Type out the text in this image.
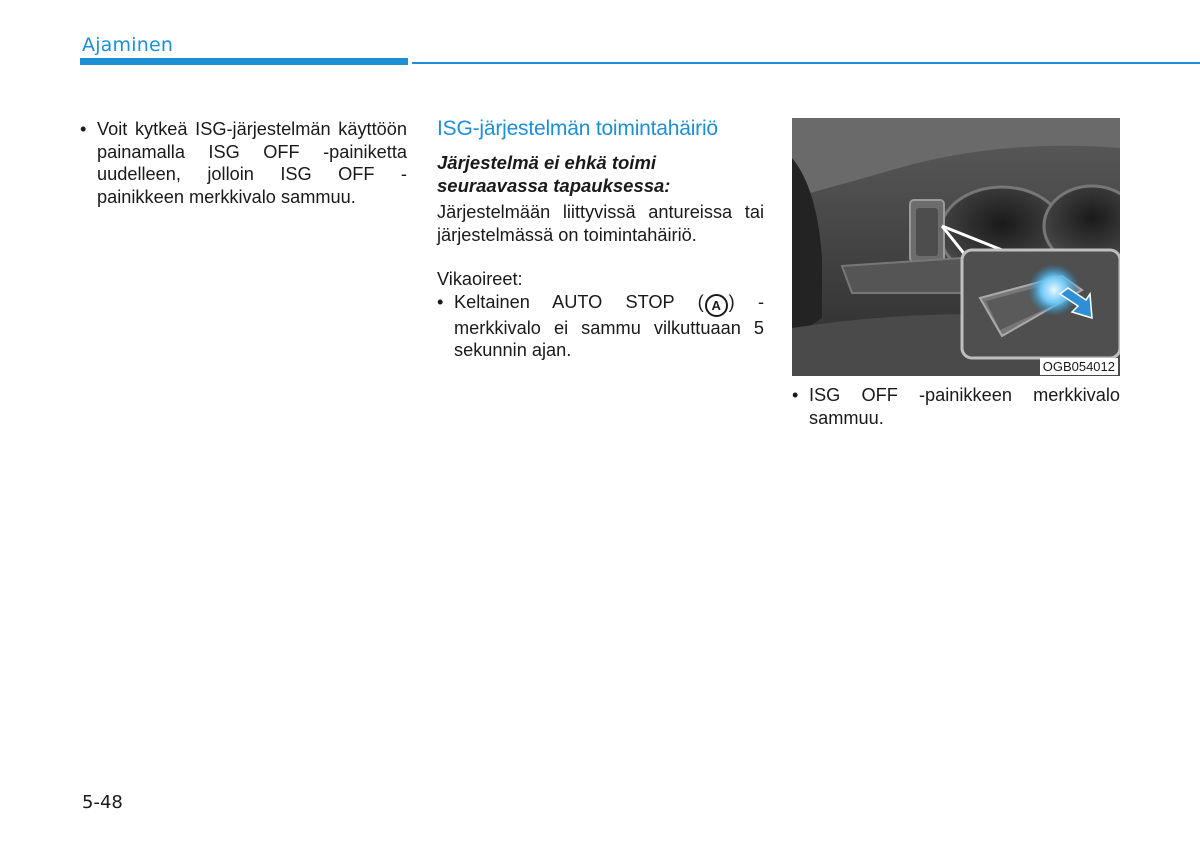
Ajaminen
• Voit kytkeä ISG-järjestelmän käyttöön painamalla ISG OFF -painiketta uudelleen, jolloin ISG OFF -painikkeen merkkivalo sammuu.
ISG-järjestelmän toimintahäiriö
Järjestelmä ei ehkä toimi seuraavassa tapauksessa:

Järjestelmään liittyvissä antureissa tai järjestelmässä on toimintahäiriö.

Vikaoireet:

• Keltainen AUTO STOP ( A ) -merkkivalo ei sammu vilkuttuaan 5 sekunnin ajan.
OGB054012
• ISG OFF -painikkeen merkkivalo sammuu.
5-48
